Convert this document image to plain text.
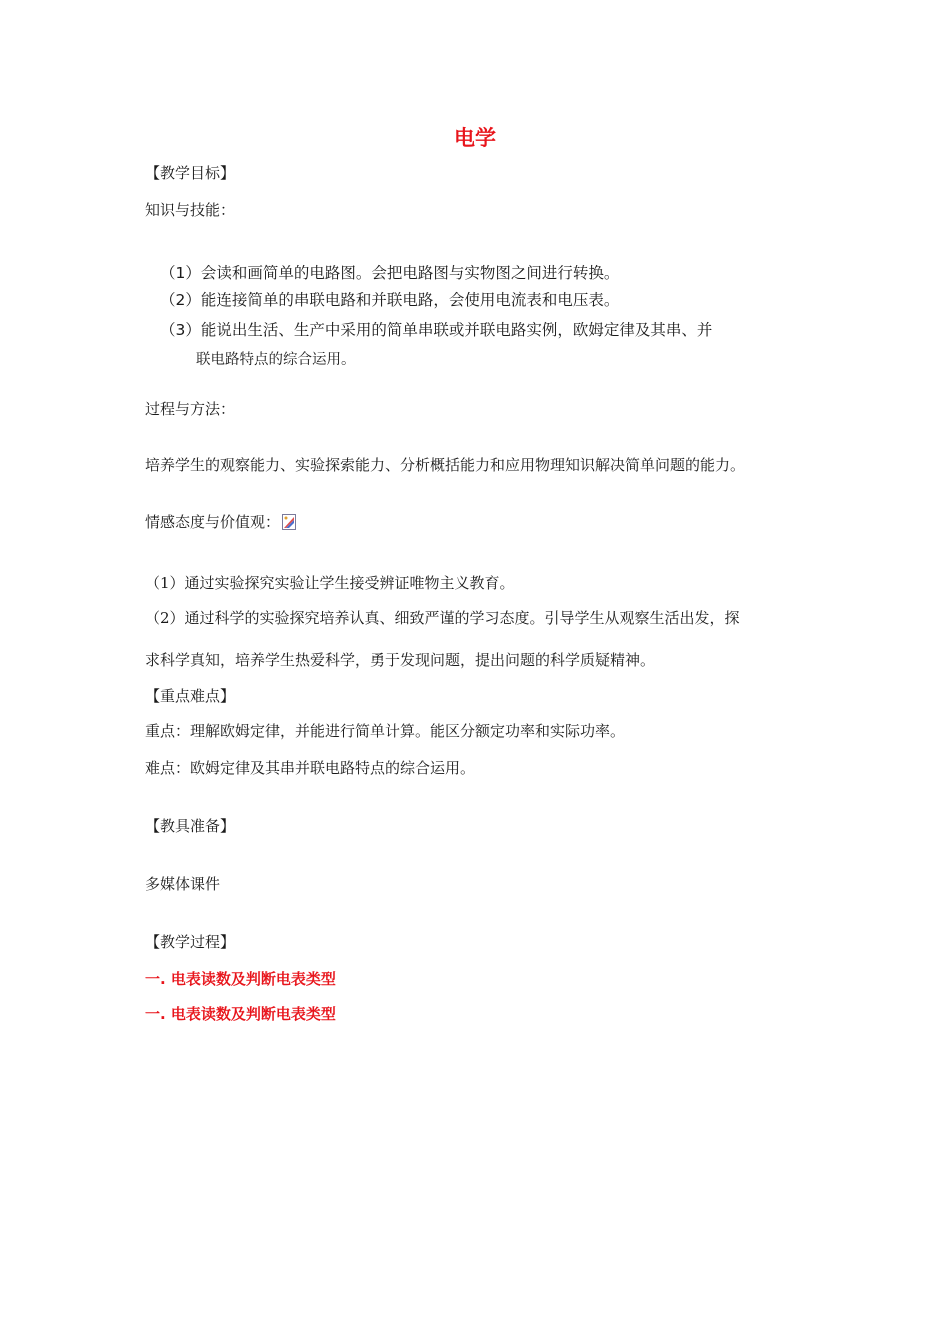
电学
【教学目标】
知识与技能：
（1）会读和画简单的电路图。会把电路图与实物图之间进行转换。
（2）能连接简单的串联电路和并联电路，会使用电流表和电压表。
（3）能说出生活、生产中采用的简单串联或并联电路实例，欧姆定律及其串、并
联电路特点的综合运用。
过程与方法：
培养学生的观察能力、实验探索能力、分析概括能力和应用物理知识解决简单问题的能力。
情感态度与价值观：
（1）通过实验探究实验让学生接受辨证唯物主义教育。
（2）通过科学的实验探究培养认真、细致严谨的学习态度。引导学生从观察生活出发，探
求科学真知，培养学生热爱科学，勇于发现问题，提出问题的科学质疑精神。
【重点难点】
重点：理解欧姆定律，并能进行简单计算。能区分额定功率和实际功率。
难点：欧姆定律及其串并联电路特点的综合运用。
【教具准备】
多媒体课件
【教学过程】
一. 电表读数及判断电表类型
一. 电表读数及判断电表类型
